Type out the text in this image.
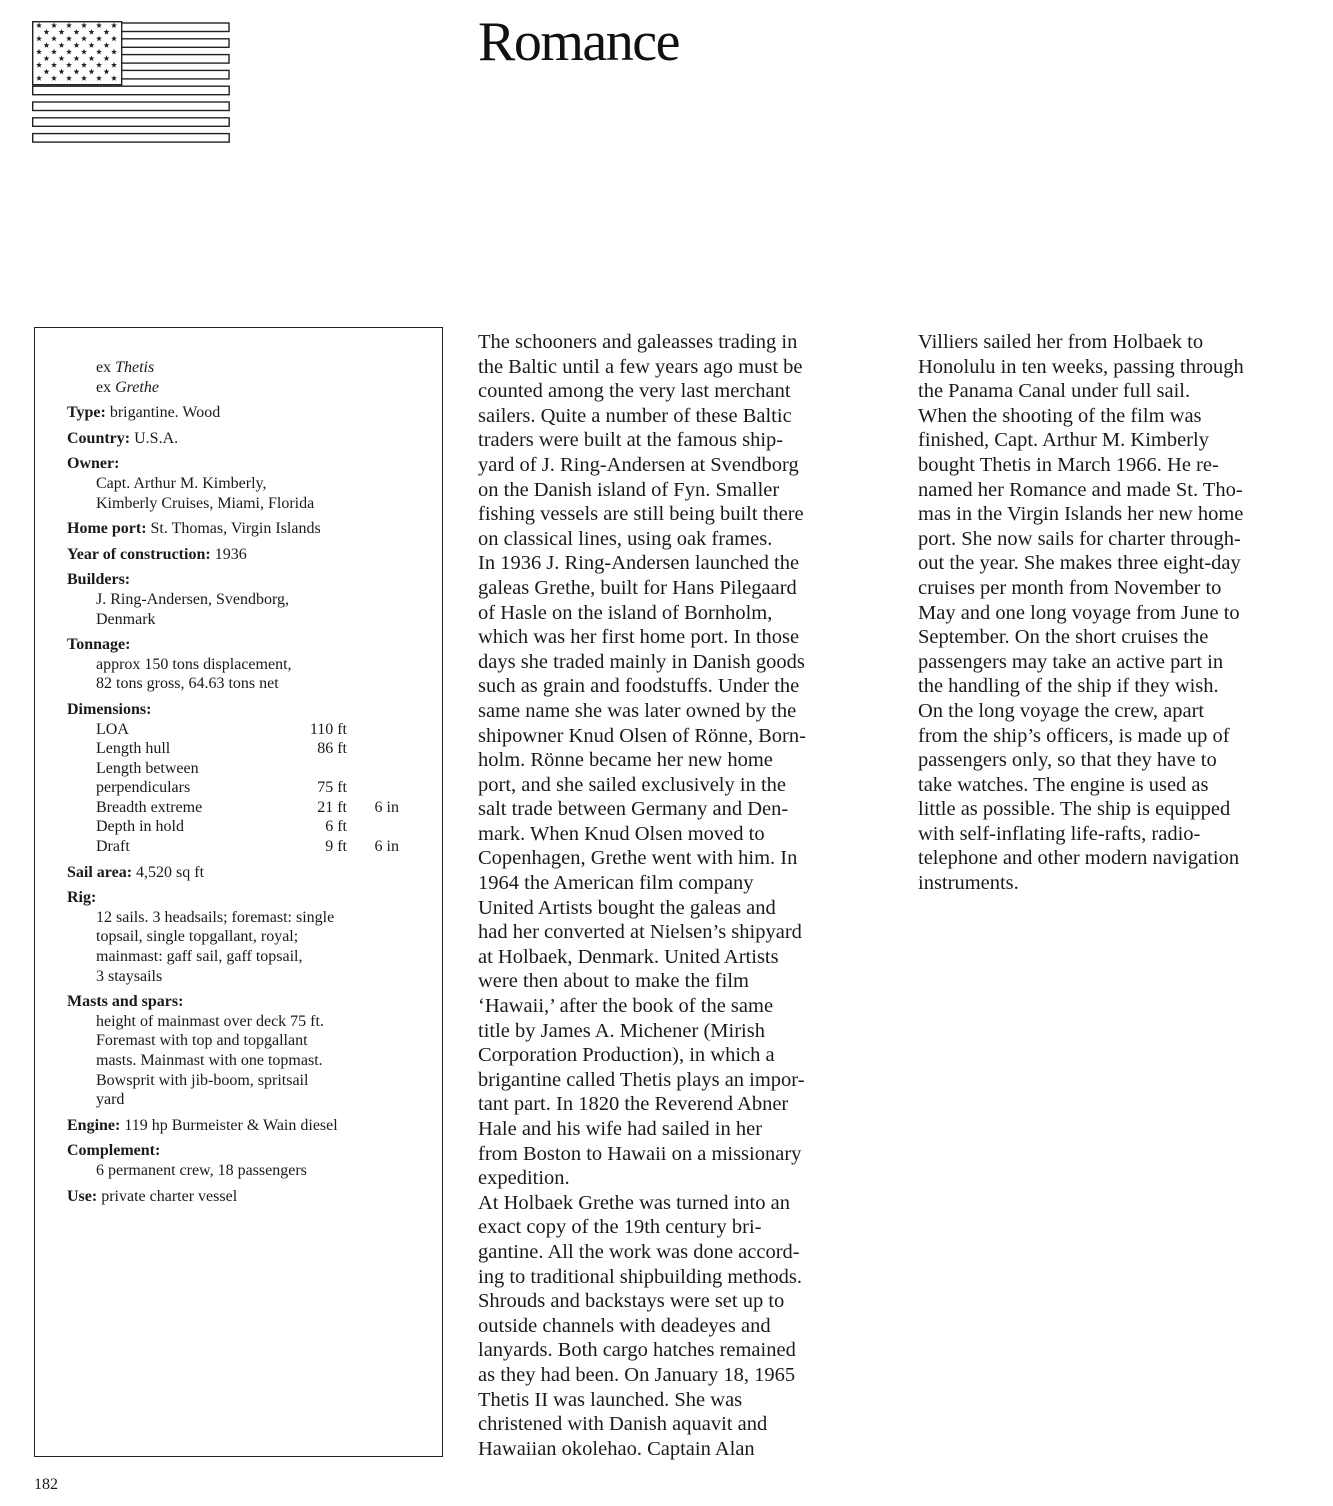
Romance
ex Thetis
ex Grethe
Type: brigantine. Wood
Country: U.S.A.
Owner:
Capt. Arthur M. Kimberly,
Kimberly Cruises, Miami, Florida
Home port: St. Thomas, Virgin Islands
Year of construction: 1936
Builders:
J. Ring-Andersen, Svendborg,
Denmark
Tonnage:
approx 150 tons displacement,
82 tons gross, 64.63 tons net
Dimensions:
LOA	110 ft	
Length hull	86 ft	
Length between		
perpendiculars	75 ft	
Breadth extreme	21 ft	6 in
Depth in hold	6 ft	
Draft	9 ft	6 in
Sail area: 4,520 sq ft
Rig:
12 sails. 3 headsails; foremast: single
topsail, single topgallant, royal;
mainmast: gaff sail, gaff topsail,
3 staysails
Masts and spars:
height of mainmast over deck 75 ft.
Foremast with top and topgallant
masts. Mainmast with one topmast.
Bowsprit with jib-boom, spritsail
yard
Engine: 119 hp Burmeister & Wain diesel
Complement:
6 permanent crew, 18 passengers
Use: private charter vessel

The schooners and galeasses trading in
the Baltic until a few years ago must be
counted among the very last merchant
sailers. Quite a number of these Baltic
traders were built at the famous ship-
yard of J. Ring-Andersen at Svendborg
on the Danish island of Fyn. Smaller
fishing vessels are still being built there
on classical lines, using oak frames.

In 1936 J. Ring-Andersen launched the
galeas Grethe, built for Hans Pilegaard
of Hasle on the island of Bornholm,
which was her first home port. In those
days she traded mainly in Danish goods
such as grain and foodstuffs. Under the
same name she was later owned by the
shipowner Knud Olsen of Rönne, Born-
holm. Rönne became her new home
port, and she sailed exclusively in the
salt trade between Germany and Den-
mark. When Knud Olsen moved to
Copenhagen, Grethe went with him. In
1964 the American film company
United Artists bought the galeas and
had her converted at Nielsen’s shipyard
at Holbaek, Denmark. United Artists
were then about to make the film
‘Hawaii,’ after the book of the same
title by James A. Michener (Mirish
Corporation Production), in which a
brigantine called Thetis plays an impor-
tant part. In 1820 the Reverend Abner
Hale and his wife had sailed in her
from Boston to Hawaii on a missionary
expedition.

At Holbaek Grethe was turned into an
exact copy of the 19th century bri-
gantine. All the work was done accord-
ing to traditional shipbuilding methods.
Shrouds and backstays were set up to
outside channels with deadeyes and
lanyards. Both cargo hatches remained
as they had been. On January 18, 1965
Thetis II was launched. She was
christened with Danish aquavit and
Hawaiian okolehao. Captain Alan

Villiers sailed her from Holbaek to
Honolulu in ten weeks, passing through
the Panama Canal under full sail.

When the shooting of the film was
finished, Capt. Arthur M. Kimberly
bought Thetis in March 1966. He re-
named her Romance and made St. Tho-
mas in the Virgin Islands her new home
port. She now sails for charter through-
out the year. She makes three eight-day
cruises per month from November to
May and one long voyage from June to
September. On the short cruises the
passengers may take an active part in
the handling of the ship if they wish.

On the long voyage the crew, apart
from the ship’s officers, is made up of
passengers only, so that they have to
take watches. The engine is used as
little as possible. The ship is equipped
with self-inflating life-rafts, radio-
telephone and other modern navigation
instruments.

182
